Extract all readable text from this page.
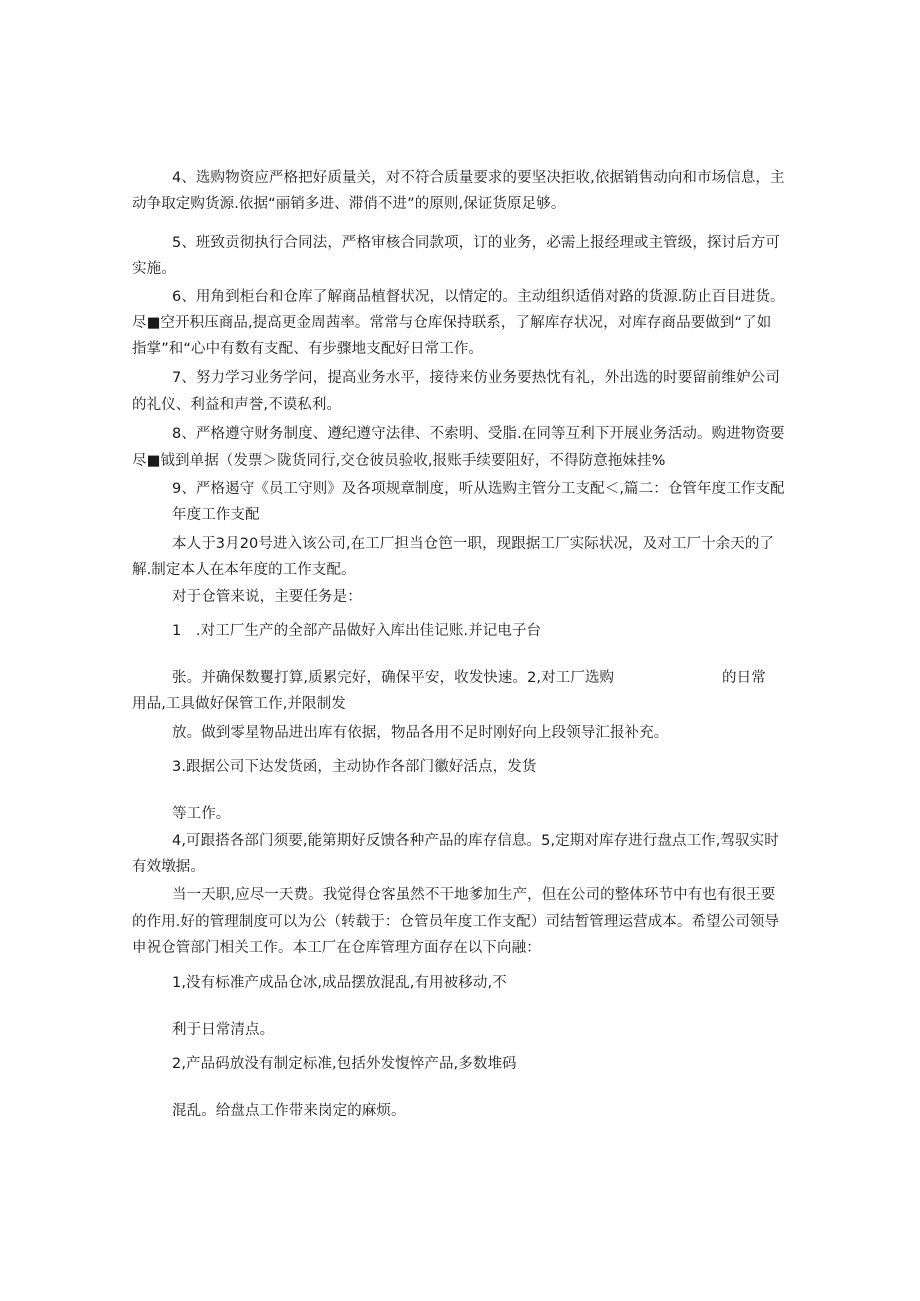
4、选购物资应严格把好质量关，对不符合质量要求的要坚决拒收,依据销售动向和市场信息，主
动争取定购货源.依据“丽销多进、滞俏不进”的原则,保证货原足够。
5、班致贡彻执行合同法，严格审核合同款项，订的业务，必需上报经理或主管级，探讨后方可
实施。
6、用角到柜台和仓库了解商品植督状况，以情定的。主动组织适俏对路的货源.防止百目进货。
尽■空开积压商品,提高更金周茜率。常常与仓库保持联系，了解库存状况，对库存商品要做到“了如
指掌”和“心中有数有支配、有步骤地支配好日常工作。
7、努力学习业务学问，提高业务水平，接待来仿业务要热忱有礼，外出选的时要留前维妒公司
的礼仪、利益和声誉,不谟私利。
8、严格遵守财务制度、遵纪遵守法律、不索明、受脂.在同等互利下开展业务活动。购进物资要
尽■钺到单据（发票＞陇货同行,交仓彼员验收,报账手续要阻好，不得防意拖妹挂%
9、严格遏守《员工守则》及各项规章制度，听从选购主管分工支配＜,篇二：仓管年度工作支配
年度工作支配
本人于3月20号进入该公司,在工厂担当仓笆一职，现跟据工厂实际状况，及对工厂十余天的了
解.制定本人在本年度的工作支配。
对于仓管来说，主要任务是：
1　.对工厂生产的全部产品做好入库出佳记账.并记电子台
张。并确保数矍打算,质累完好，确保平安，收发快速。2,对工厂选购	的日常
用品,工具做好保管工作,并限制发
放。做到零星物品进出库有依据，物品各用不足时刚好向上段领导汇报补充。
3.跟据公司下达发货函，主动协作各部门徽好活点，发货
等工作。
4,可跟搭各部门须要,能第期好反馈各种产品的库存信息。5,定期对库存进行盘点工作,驾驭实时
有效墩据。
当一天职,应尽一天费。我觉得仓客虽然不干地爹加生产，但在公司的整体环节中有也有很王要
的作用.好的管理制度可以为公（转载于：仓管员年度工作支配）司结暂管理运营成本。希望公司领导
申祝仓管部门相关工作。本工厂在仓库管理方面存在以下向融：
1,没有标准产成品仓冰,成品摆放混乱,有用被移动,不
利于日常清点。
2,产品码放没有制定标准,包括外发愎悴产品,多数堆码
混乱。给盘点工作带来岗定的麻烦。
